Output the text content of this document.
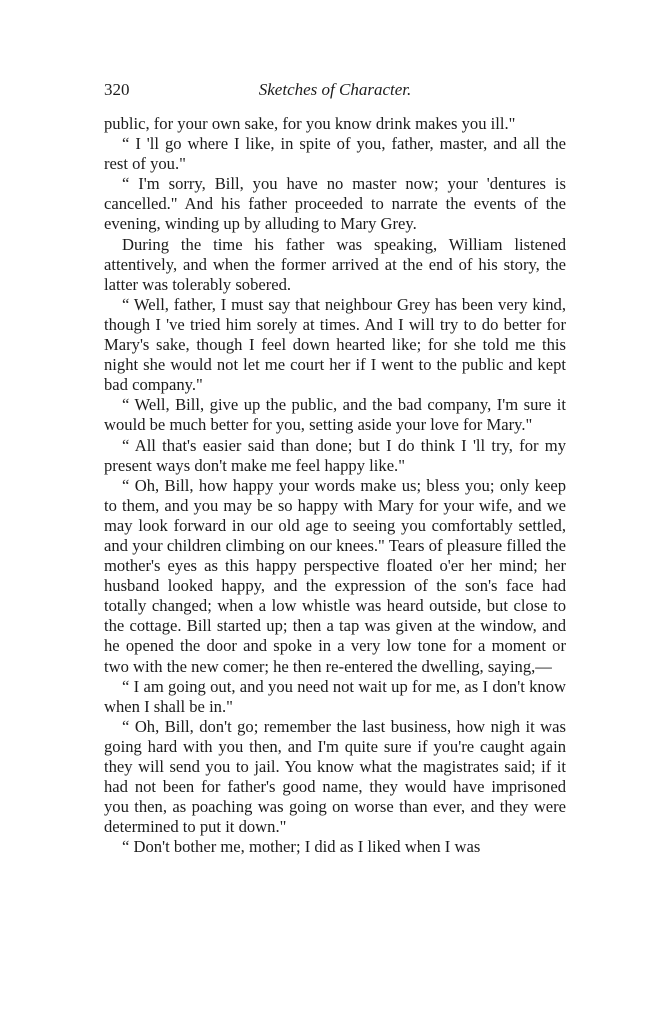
320	Sketches of Character.

public, for your own sake, for you know drink makes you ill."

“ I 'll go where I like, in spite of you, father, master, and all the rest of you."

“ I'm sorry, Bill, you have no master now; your 'dentures is cancelled." And his father proceeded to narrate the events of the evening, winding up by alluding to Mary Grey.

During the time his father was speaking, William listened attentively, and when the former arrived at the end of his story, the latter was tolerably sobered.

“ Well, father, I must say that neighbour Grey has been very kind, though I 've tried him sorely at times. And I will try to do better for Mary's sake, though I feel down hearted like; for she told me this night she would not let me court her if I went to the public and kept bad company."

“ Well, Bill, give up the public, and the bad company, I'm sure it would be much better for you, setting aside your love for Mary."

“ All that's easier said than done; but I do think I 'll try, for my present ways don't make me feel happy like."

“ Oh, Bill, how happy your words make us; bless you; only keep to them, and you may be so happy with Mary for your wife, and we may look forward in our old age to seeing you comfortably settled, and your children climbing on our knees." Tears of pleasure filled the mother's eyes as this happy perspective floated o'er her mind; her husband looked happy, and the expression of the son's face had totally changed; when a low whistle was heard outside, but close to the cottage. Bill started up; then a tap was given at the window, and he opened the door and spoke in a very low tone for a moment or two with the new comer; he then re-entered the dwelling, saying,—

“ I am going out, and you need not wait up for me, as I don't know when I shall be in."

“ Oh, Bill, don't go; remember the last business, how nigh it was going hard with you then, and I'm quite sure if you're caught again they will send you to jail. You know what the magistrates said; if it had not been for father's good name, they would have imprisoned you then, as poaching was going on worse than ever, and they were determined to put it down."

“ Don't bother me, mother; I did as I liked when I was
